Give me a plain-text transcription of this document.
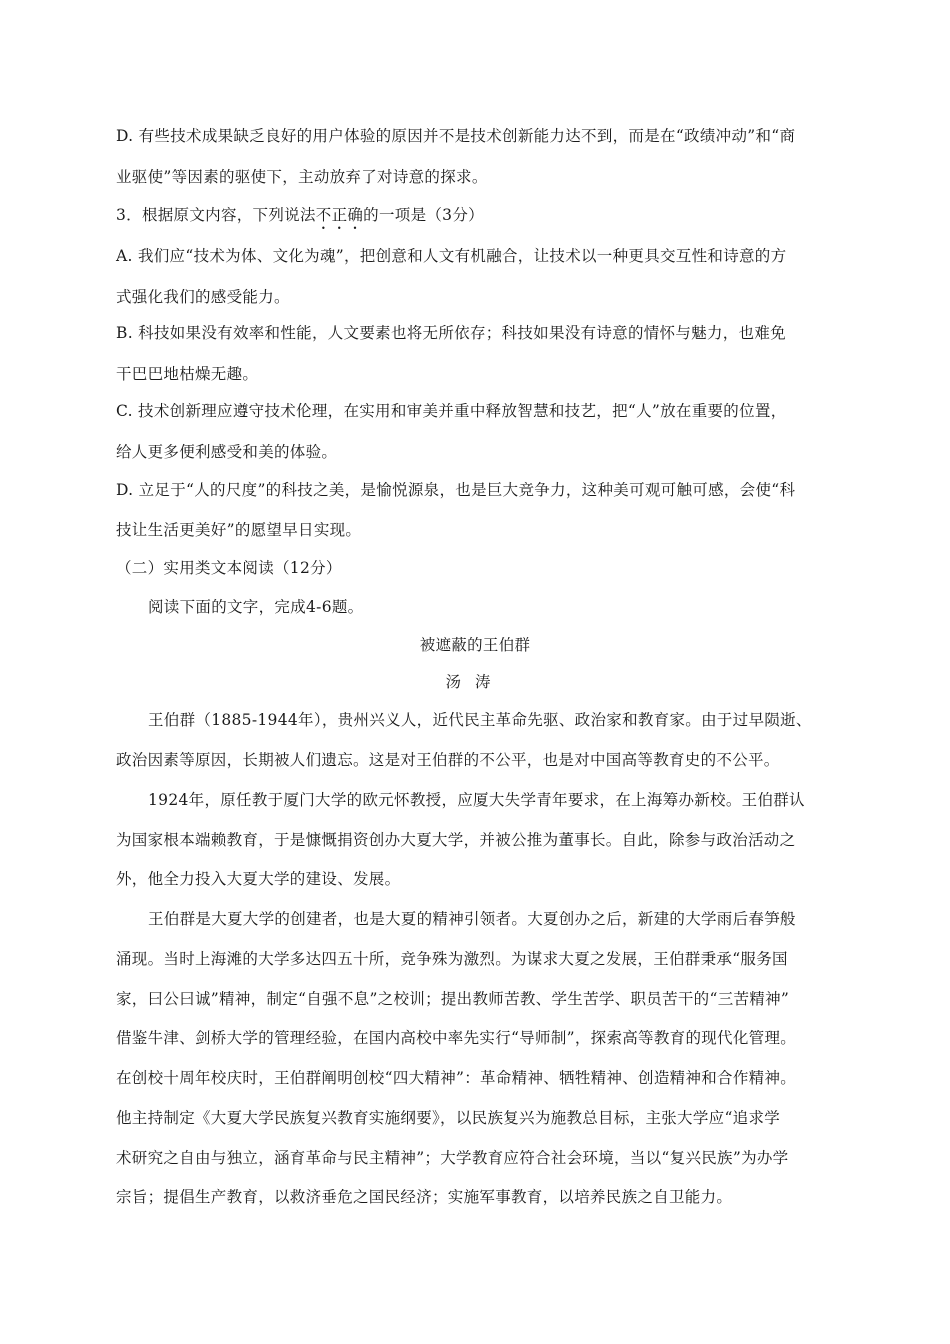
D. 有些技术成果缺乏良好的用户体验的原因并不是技术创新能力达不到，而是在“政绩冲动”和“商
业驱使”等因素的驱使下，主动放弃了对诗意的探求。
3．根据原文内容，下列说法不正确的一项是（3分）
A. 我们应“技术为体、文化为魂”，把创意和人文有机融合，让技术以一种更具交互性和诗意的方
式强化我们的感受能力。
B. 科技如果没有效率和性能，人文要素也将无所依存；科技如果没有诗意的情怀与魅力，也难免
干巴巴地枯燥无趣。
C. 技术创新理应遵守技术伦理，在实用和审美并重中释放智慧和技艺，把“人”放在重要的位置，
给人更多便利感受和美的体验。
D. 立足于“人的尺度”的科技之美，是愉悦源泉，也是巨大竞争力，这种美可观可触可感，会使“科
技让生活更美好”的愿望早日实现。
（二）实用类文本阅读（12分）
阅读下面的文字，完成4-6题。
被遮蔽的王伯群
汤涛
王伯群（1885-1944年），贵州兴义人，近代民主革命先驱、政治家和教育家。由于过早陨逝、
政治因素等原因，长期被人们遗忘。这是对王伯群的不公平，也是对中国高等教育史的不公平。
1924年，原任教于厦门大学的欧元怀教授，应厦大失学青年要求，在上海筹办新校。王伯群认
为国家根本端赖教育，于是慷慨捐资创办大夏大学，并被公推为董事长。自此，除参与政治活动之
外，他全力投入大夏大学的建设、发展。
王伯群是大夏大学的创建者，也是大夏的精神引领者。大夏创办之后，新建的大学雨后春笋般
涌现。当时上海滩的大学多达四五十所，竞争殊为激烈。为谋求大夏之发展，王伯群秉承“服务国
家，曰公曰诚”精神，制定“自强不息”之校训；提出教师苦教、学生苦学、职员苦干的“三苦精神”
借鉴牛津、剑桥大学的管理经验，在国内高校中率先实行“导师制”，探索高等教育的现代化管理。
在创校十周年校庆时，王伯群阐明创校“四大精神”：革命精神、牺牲精神、创造精神和合作精神。
他主持制定《大夏大学民族复兴教育实施纲要》，以民族复兴为施教总目标，主张大学应“追求学
术研究之自由与独立，涵育革命与民主精神”；大学教育应符合社会环境，当以“复兴民族”为办学
宗旨；提倡生产教育，以救济垂危之国民经济；实施军事教育，以培养民族之自卫能力。
